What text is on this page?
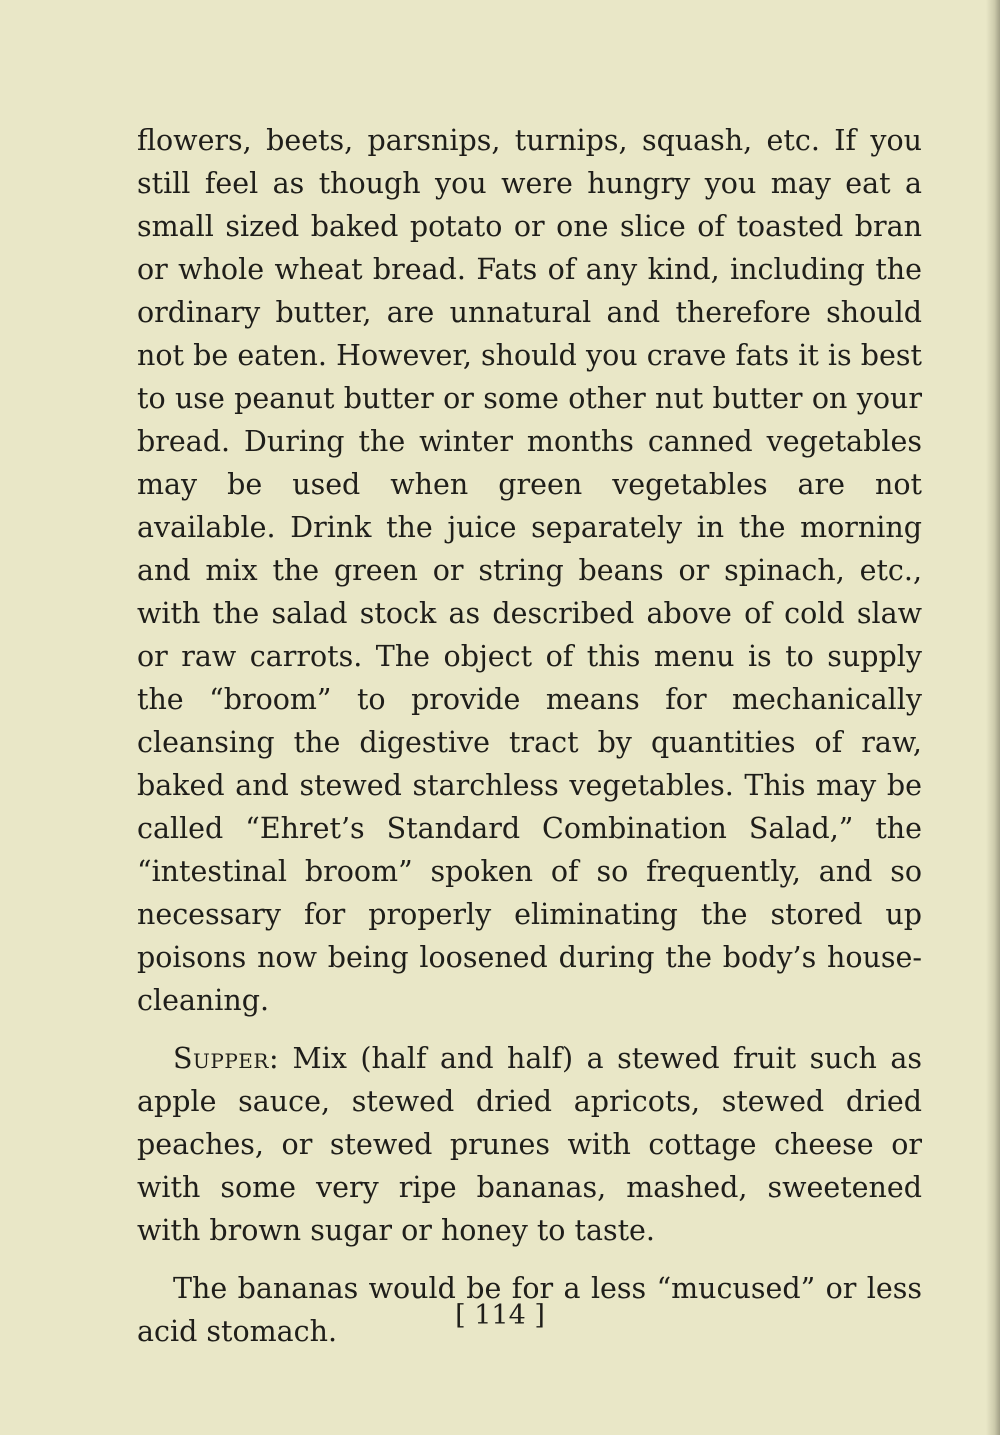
flowers, beets, parsnips, turnips, squash, etc. If you still feel as though you were hungry you may eat a small sized baked potato or one slice of toasted bran or whole wheat bread. Fats of any kind, including the ordinary butter, are unnatural and therefore should not be eaten. However, should you crave fats it is best to use peanut butter or some other nut butter on your bread. During the winter months canned vegetables may be used when green vegetables are not available. Drink the juice separately in the morning and mix the green or string beans or spinach, etc., with the salad stock as described above of cold slaw or raw carrots. The object of this menu is to supply the “broom” to provide means for mechanically cleansing the digestive tract by quantities of raw, baked and stewed starchless vegetables. This may be called “Ehret’s Standard Combination Salad,” the “intestinal broom” spoken of so frequently, and so necessary for properly eliminating the stored up poisons now being loosened during the body’s house-cleaning.

Supper: Mix (half and half) a stewed fruit such as apple sauce, stewed dried apricots, stewed dried peaches, or stewed prunes with cottage cheese or with some very ripe bananas, mashed, sweetened with brown sugar or honey to taste.

The bananas would be for a less “mucused” or less acid stomach.	[ 114 ]
